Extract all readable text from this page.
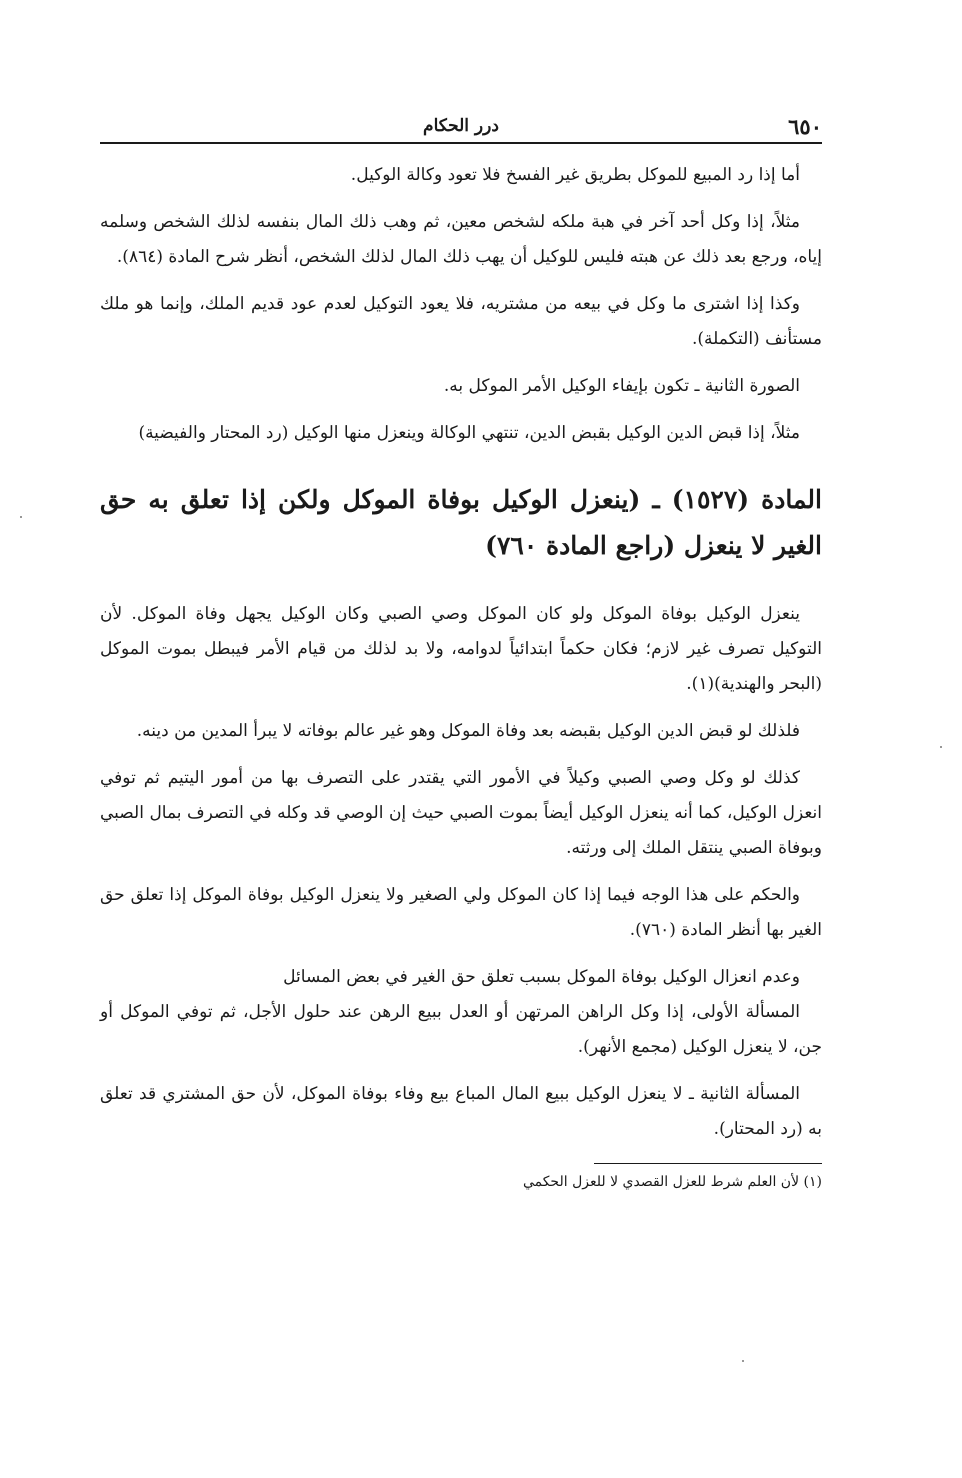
٦٥٠
درر الحكام

أما إذا رد المبيع للموكل بطريق غير الفسخ فلا تعود وكالة الوكيل.

مثلاً، إذا وكل أحد آخر في هبة ملكه لشخص معين، ثم وهب ذلك المال بنفسه لذلك الشخص وسلمه إياه، ورجع بعد ذلك عن هبته فليس للوكيل أن يهب ذلك المال لذلك الشخص، أنظر شرح المادة (٨٦٤).

وكذا إذا اشترى ما وكل في بيعه من مشتريه، فلا يعود التوكيل لعدم عود قديم الملك، وإنما هو ملك مستأنف (التكملة).

الصورة الثانية ـ تكون بإيفاء الوكيل الأمر الموكل به.

مثلاً، إذا قبض الدين الوكيل بقبض الدين، تنتهي الوكالة وينعزل منها الوكيل (رد المحتار والفيضية)

المادة (١٥٢٧) ـ (ينعزل الوكيل بوفاة الموكل ولكن إذا تعلق به حق الغير لا ينعزل (راجع المادة ٧٦٠)

ينعزل الوكيل بوفاة الموكل ولو كان الموكل وصي الصبي وكان الوكيل يجهل وفاة الموكل. لأن التوكيل تصرف غير لازم؛ فكان حكماً ابتدائياً لدوامه، ولا بد لذلك من قيام الأمر فيبطل بموت الموكل (البحر والهندية)(١).

فلذلك لو قبض الدين الوكيل بقبضه بعد وفاة الموكل وهو غير عالم بوفاته لا يبرأ المدين من دينه.

كذلك لو وكل وصي الصبي وكيلاً في الأمور التي يقتدر على التصرف بها من أمور اليتيم ثم توفي انعزل الوكيل، كما أنه ينعزل الوكيل أيضاً بموت الصبي حيث إن الوصي قد وكله في التصرف بمال الصبي وبوفاة الصبي ينتقل الملك إلى ورثته.

والحكم على هذا الوجه فيما إذا كان الموكل ولي الصغير ولا ينعزل الوكيل بوفاة الموكل إذا تعلق حق الغير بها أنظر المادة (٧٦٠).

وعدم انعزال الوكيل بوفاة الموكل بسبب تعلق حق الغير في بعض المسائل

المسألة الأولى، إذا وكل الراهن المرتهن أو العدل ببيع الرهن عند حلول الأجل، ثم توفي الموكل أو جن، لا ينعزل الوكيل (مجمع الأنهر).

المسألة الثانية ـ لا ينعزل الوكيل ببيع المال المباع بيع وفاء بوفاة الموكل، لأن حق المشتري قد تعلق به (رد المحتار).

(١) لأن العلم شرط للعزل القصدي لا للعزل الحكمي
